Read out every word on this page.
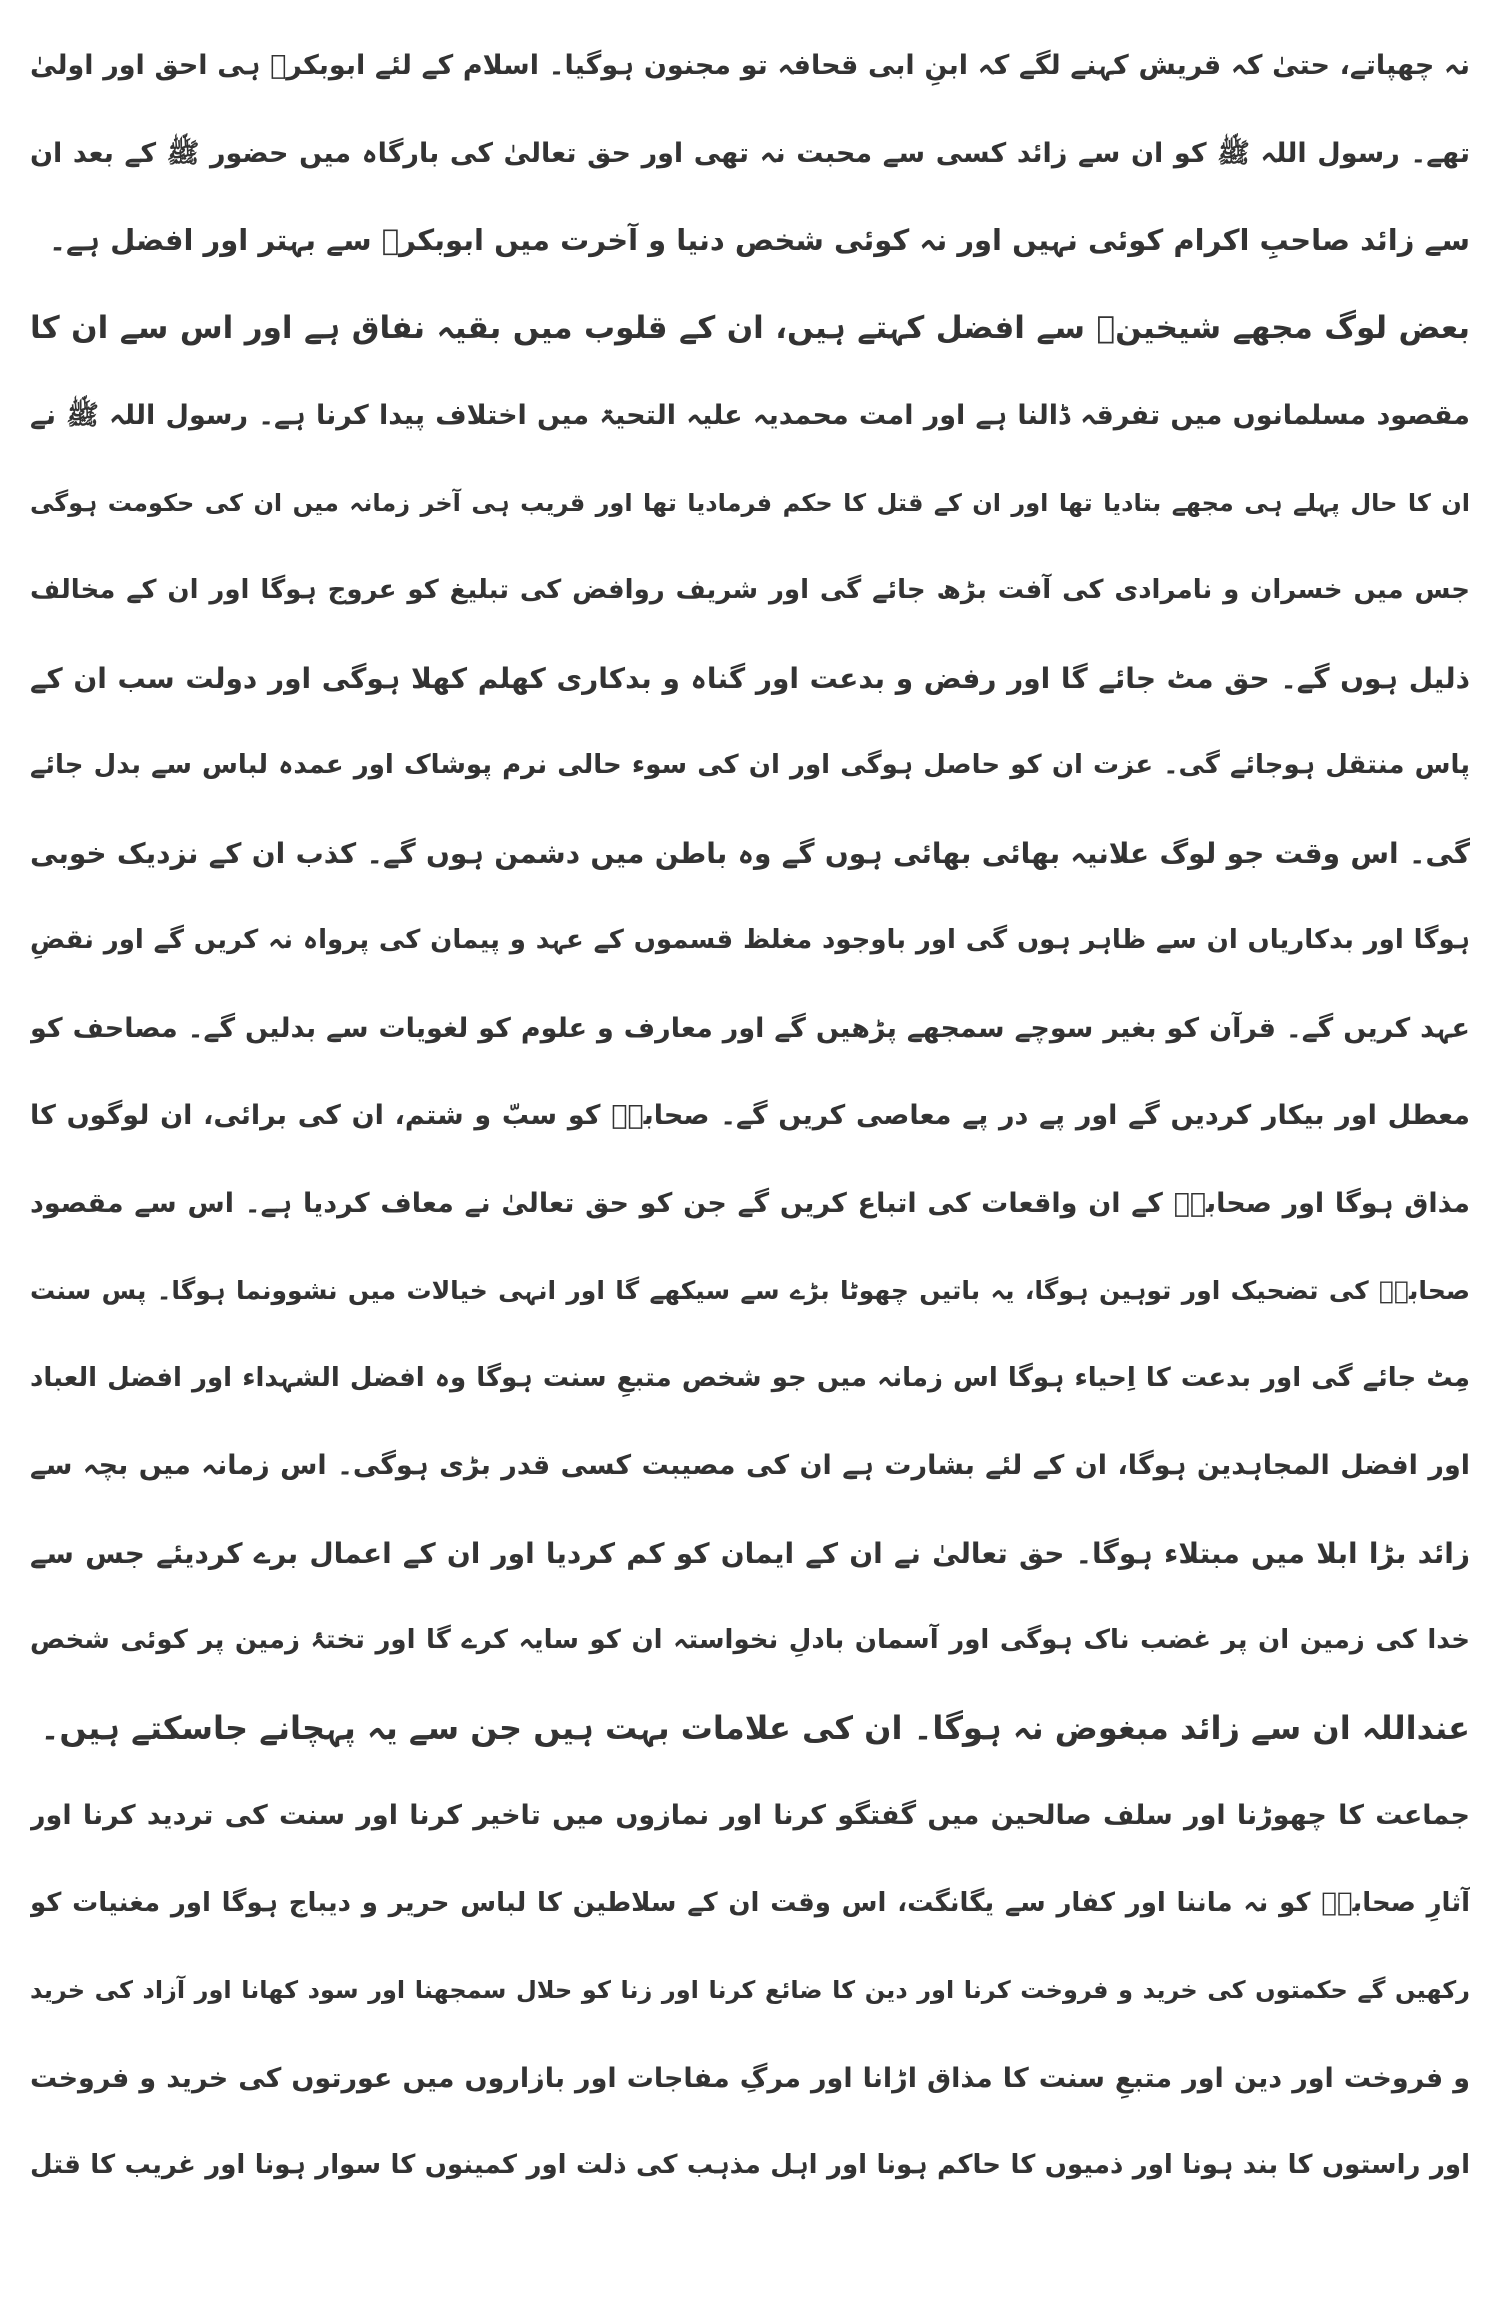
نہ چھپاتے، حتیٰ کہ قریش کہنے لگے کہ ابنِ ابی قحافہ تو مجنون ہوگیا۔ اسلام کے لئے ابوبکرؓ ہی احق اور اولیٰ
تھے۔ رسول اللہ ﷺ کو ان سے زائد کسی سے محبت نہ تھی اور حق تعالیٰ کی بارگاہ میں حضور ﷺ کے بعد ان
سے زائد صاحبِ اکرام کوئی نہیں اور نہ کوئی شخص دنیا و آخرت میں ابوبکرؓ سے بہتر اور افضل ہے۔
بعض لوگ مجھے شیخینؓ سے افضل کہتے ہیں، ان کے قلوب میں بقیہ نفاق ہے اور اس سے ان کا
مقصود مسلمانوں میں تفرقہ ڈالنا ہے اور امت محمدیہ علیہ التحیۃ میں اختلاف پیدا کرنا ہے۔ رسول اللہ ﷺ نے
ان کا حال پہلے ہی مجھے بتادیا تھا اور ان کے قتل کا حکم فرمادیا تھا اور قریب ہی آخر زمانہ میں ان کی حکومت ہوگی
جس میں خسران و نامرادی کی آفت بڑھ جائے گی اور شریف روافض کی تبلیغ کو عروج ہوگا اور ان کے مخالف
ذلیل ہوں گے۔ حق مٹ جائے گا اور رفض و بدعت اور گناہ و بدکاری کھلم کھلا ہوگی اور دولت سب ان کے
پاس منتقل ہوجائے گی۔ عزت ان کو حاصل ہوگی اور ان کی سوء حالی نرم پوشاک اور عمدہ لباس سے بدل جائے
گی۔ اس وقت جو لوگ علانیہ بھائی بھائی ہوں گے وہ باطن میں دشمن ہوں گے۔ کذب ان کے نزدیک خوبی
ہوگا اور بدکاریاں ان سے ظاہر ہوں گی اور باوجود مغلظ قسموں کے عہد و پیمان کی پرواہ نہ کریں گے اور نقضِ
عہد کریں گے۔ قرآن کو بغیر سوچے سمجھے پڑھیں گے اور معارف و علوم کو لغویات سے بدلیں گے۔ مصاحف کو
معطل اور بیکار کردیں گے اور پے در پے معاصی کریں گے۔ صحابہؓ کو سبّ و شتم، ان کی برائی، ان لوگوں کا
مذاق ہوگا اور صحابہؓ کے ان واقعات کی اتباع کریں گے جن کو حق تعالیٰ نے معاف کردیا ہے۔ اس سے مقصود
صحابہؓ کی تضحیک اور توہین ہوگا، یہ باتیں چھوٹا بڑے سے سیکھے گا اور انہی خیالات میں نشوونما ہوگا۔ پس سنت
مِٹ جائے گی اور بدعت کا اِحیاء ہوگا اس زمانہ میں جو شخص متبعِ سنت ہوگا وہ افضل الشہداء اور افضل العباد
اور افضل المجاہدین ہوگا، ان کے لئے بشارت ہے ان کی مصیبت کسی قدر بڑی ہوگی۔ اس زمانہ میں بچہ سے
زائد بڑا ابلا میں مبتلاء ہوگا۔ حق تعالیٰ نے ان کے ایمان کو کم کردیا اور ان کے اعمال برے کردیئے جس سے
خدا کی زمین ان پر غضب ناک ہوگی اور آسمان بادلِ نخواستہ ان کو سایہ کرے گا اور تختۂ زمین پر کوئی شخص
عنداللہ ان سے زائد مبغوض نہ ہوگا۔ ان کی علامات بہت ہیں جن سے یہ پہچانے جاسکتے ہیں۔
جماعت کا چھوڑنا اور سلف صالحین میں گفتگو کرنا اور نمازوں میں تاخیر کرنا اور سنت کی تردید کرنا اور
آثارِ صحابہؓ کو نہ ماننا اور کفار سے یگانگت، اس وقت ان کے سلاطین کا لباس حریر و دیباج ہوگا اور مغنیات کو
رکھیں گے حکمتوں کی خرید و فروخت کرنا اور دین کا ضائع کرنا اور زنا کو حلال سمجھنا اور سود کھانا اور آزاد کی خرید
و فروخت اور دین اور متبعِ سنت کا مذاق اڑانا اور مرگِ مفاجات اور بازاروں میں عورتوں کی خرید و فروخت
اور راستوں کا بند ہونا اور ذمیوں کا حاکم ہونا اور اہل مذہب کی ذلت اور کمینوں کا سوار ہونا اور غریب کا قتل
